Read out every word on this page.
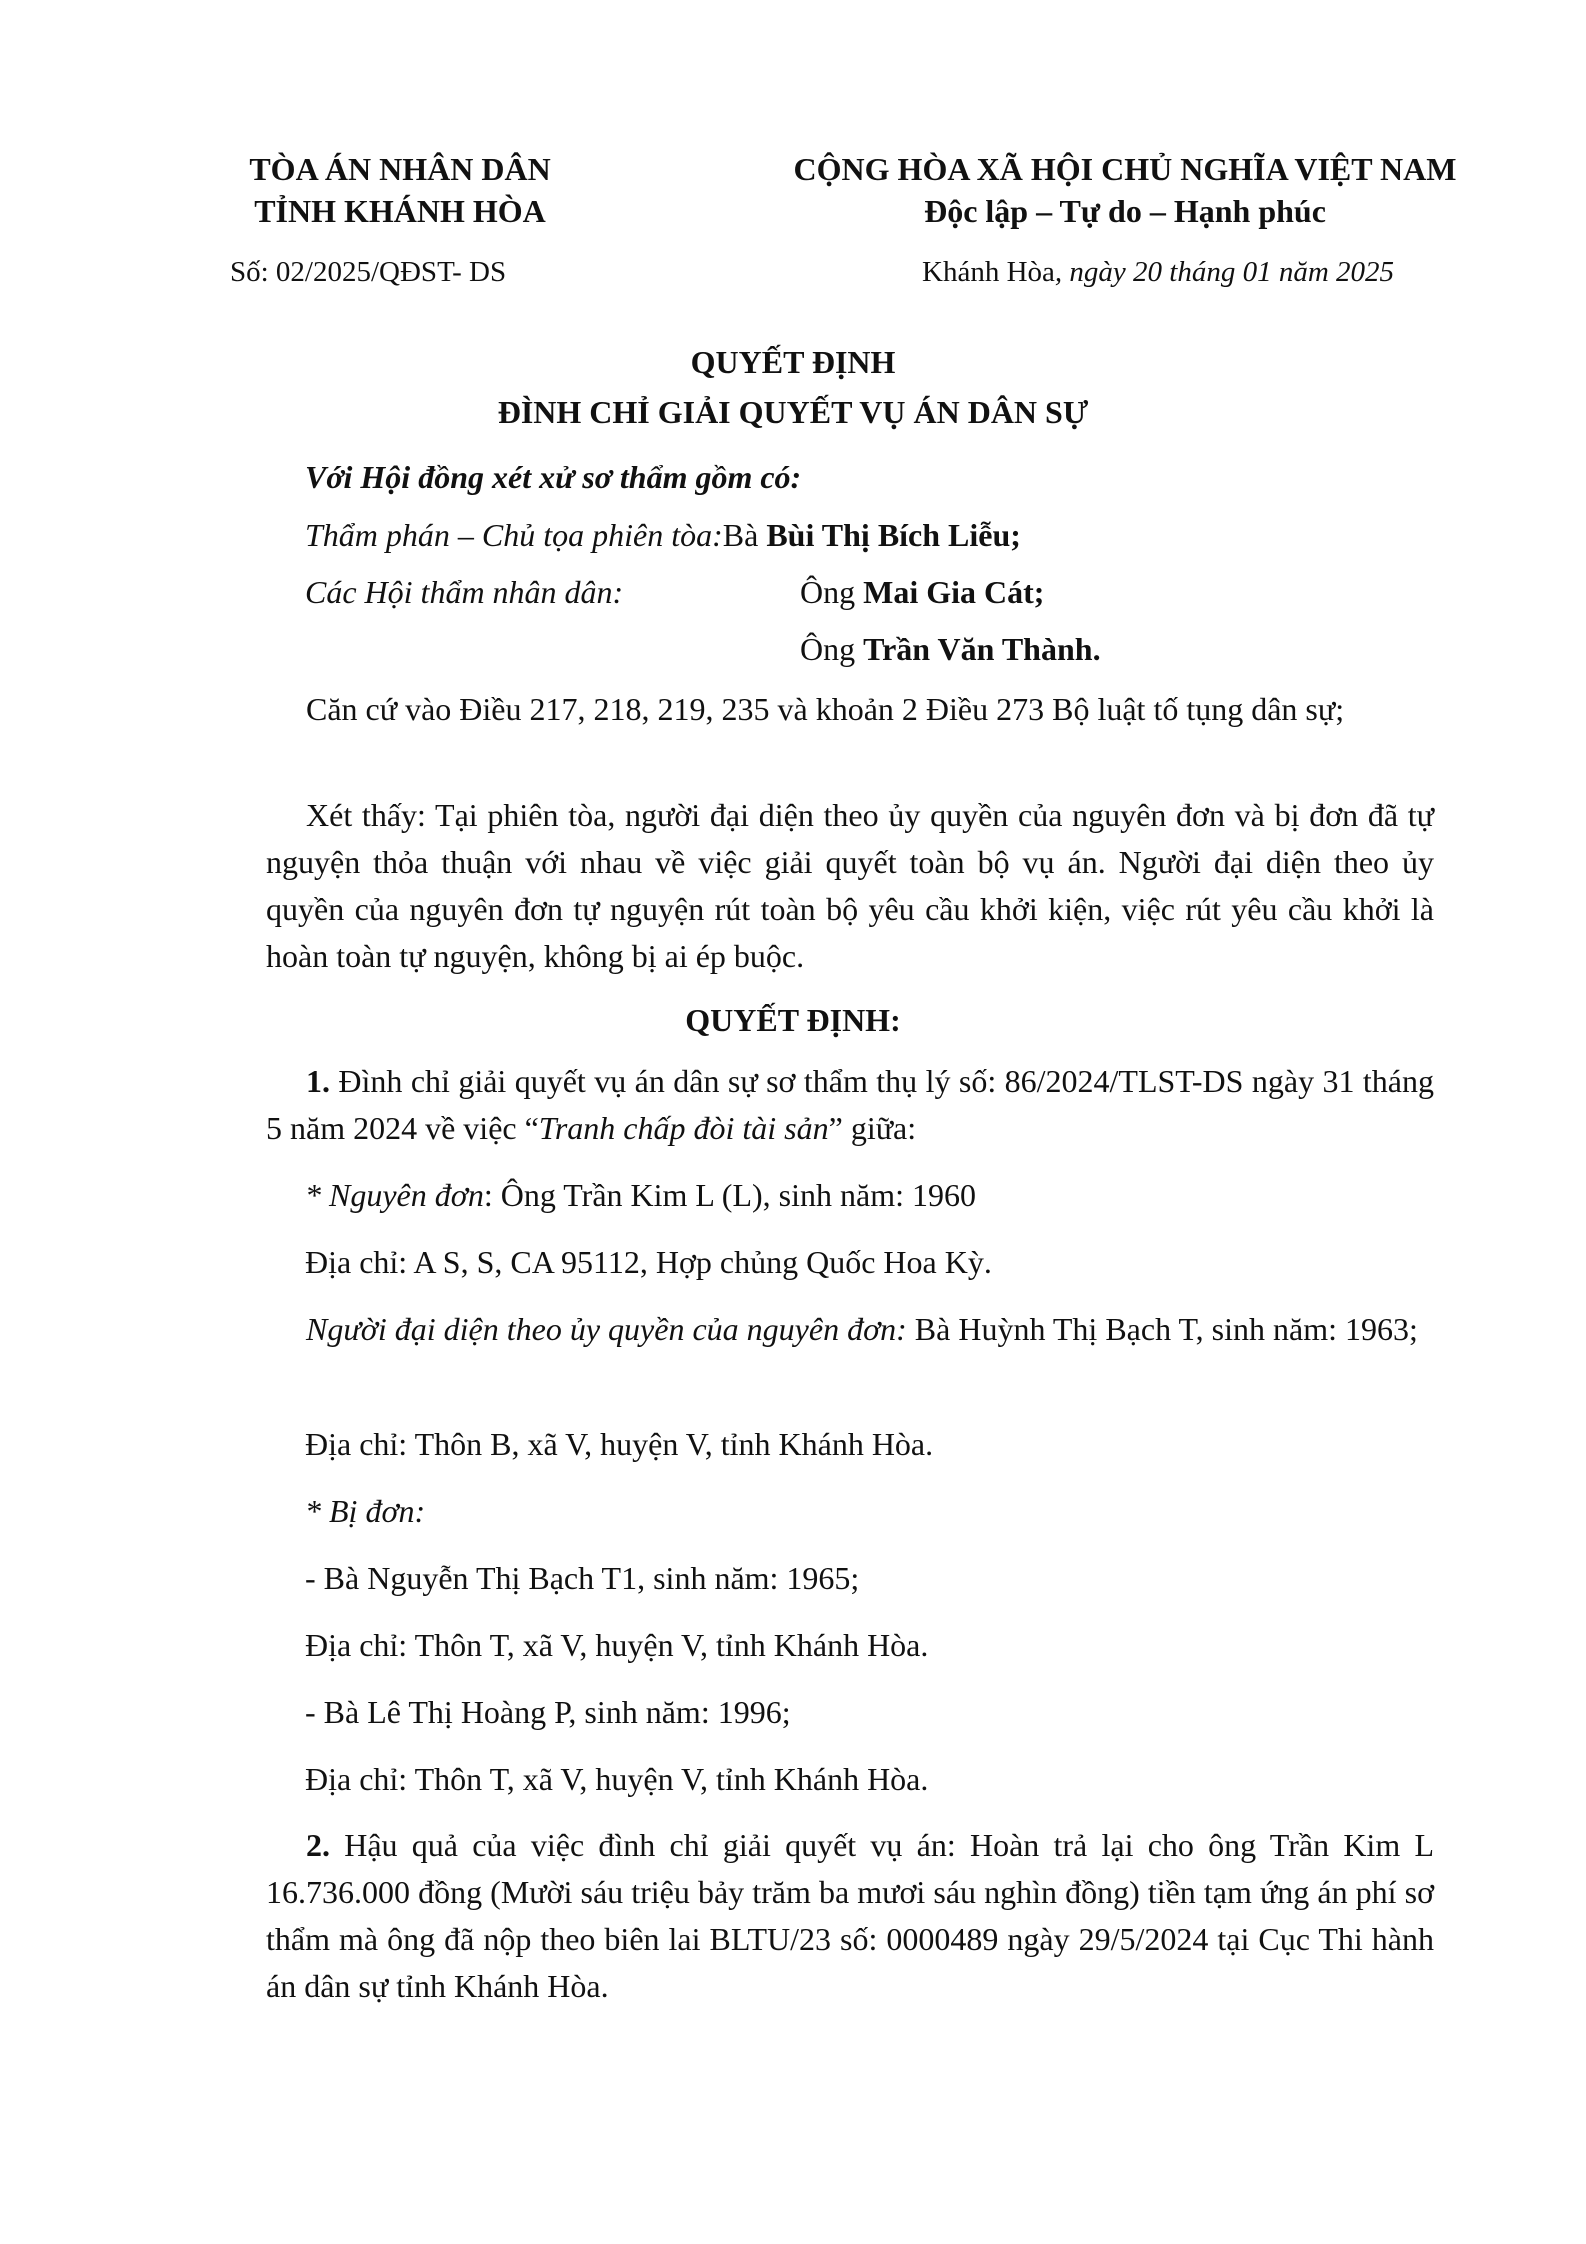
TÒA ÁN NHÂN DÂN
TỈNH KHÁNH HÒA
CỘNG HÒA XÃ HỘI CHỦ NGHĨA VIỆT NAM
Độc lập – Tự do – Hạnh phúc
Số: 02/2025/QĐST- DS	Khánh Hòa, ngày 20 tháng 01 năm 2025
QUYẾT ĐỊNH
ĐÌNH CHỈ GIẢI QUYẾT VỤ ÁN DÂN SỰ
Với Hội đồng xét xử sơ thẩm gồm có:
Thẩm phán – Chủ tọa phiên tòa:Bà Bùi Thị Bích Liễu;
Các Hội thẩm nhân dân:	Ông Mai Gia Cát;
Ông Trần Văn Thành.
Căn cứ vào Điều 217, 218, 219, 235 và khoản 2 Điều 273 Bộ luật tố tụng dân sự;
Xét thấy: Tại phiên tòa, người đại diện theo ủy quyền của nguyên đơn và bị đơn đã tự nguyện thỏa thuận với nhau về việc giải quyết toàn bộ vụ án. Người đại diện theo ủy quyền của nguyên đơn tự nguyện rút toàn bộ yêu cầu khởi kiện, việc rút yêu cầu khởi là hoàn toàn tự nguyện, không bị ai ép buộc.
QUYẾT ĐỊNH:
1. Đình chỉ giải quyết vụ án dân sự sơ thẩm thụ lý số: 86/2024/TLST-DS ngày 31 tháng 5 năm 2024 về việc “Tranh chấp đòi tài sản” giữa:
* Nguyên đơn: Ông Trần Kim L (L), sinh năm: 1960
Địa chỉ: A S, S, CA 95112, Hợp chủng Quốc Hoa Kỳ.
Người đại diện theo ủy quyền của nguyên đơn: Bà Huỳnh Thị Bạch T, sinh năm: 1963;
Địa chỉ: Thôn B, xã V, huyện V, tỉnh Khánh Hòa.
* Bị đơn:
- Bà Nguyễn Thị Bạch T1, sinh năm: 1965;
Địa chỉ: Thôn T, xã V, huyện V, tỉnh Khánh Hòa.
- Bà Lê Thị Hoàng P, sinh năm: 1996;
Địa chỉ: Thôn T, xã V, huyện V, tỉnh Khánh Hòa.
2. Hậu quả của việc đình chỉ giải quyết vụ án: Hoàn trả lại cho ông Trần Kim L 16.736.000 đồng (Mười sáu triệu bảy trăm ba mươi sáu nghìn đồng) tiền tạm ứng án phí sơ thẩm mà ông đã nộp theo biên lai BLTU/23 số: 0000489 ngày 29/5/2024 tại Cục Thi hành án dân sự tỉnh Khánh Hòa.
